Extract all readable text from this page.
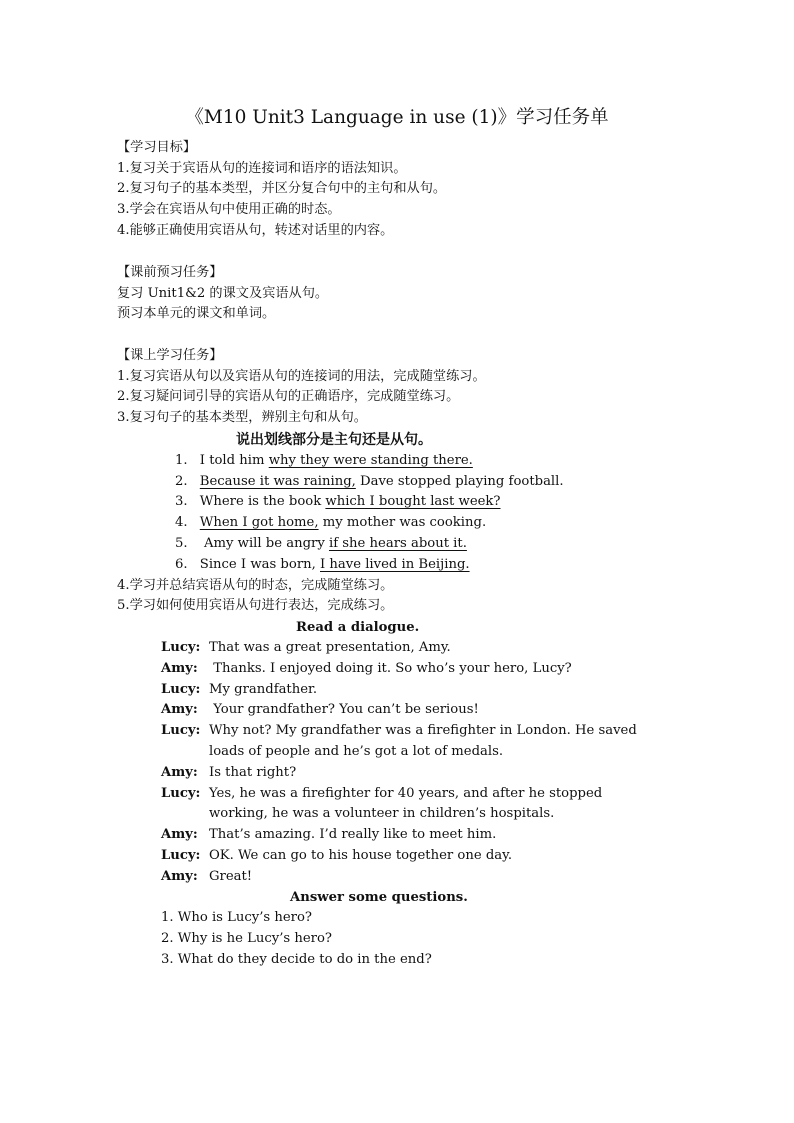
《M10 Unit3 Language in use (1)》学习任务单
【学习目标】
1.复习关于宾语从句的连接词和语序的语法知识。
2.复习句子的基本类型，并区分复合句中的主句和从句。
3.学会在宾语从句中使用正确的时态。
4.能够正确使用宾语从句，转述对话里的内容。
【课前预习任务】
复习 Unit1&2 的课文及宾语从句。
预习本单元的课文和单词。
【课上学习任务】
1.复习宾语从句以及宾语从句的连接词的用法，完成随堂练习。
2.复习疑问词引导的宾语从句的正确语序，完成随堂练习。
3.复习句子的基本类型，辨别主句和从句。
说出划线部分是主句还是从句。
1. I told him why they were standing there.
2. Because it was raining, Dave stopped playing football.
3. Where is the book which I bought last week?
4. When I got home, my mother was cooking.
5.  Amy will be angry if she hears about it.
6. Since I was born, I have lived in Beijing.
4.学习并总结宾语从句的时态，完成随堂练习。
5.学习如何使用宾语从句进行表达，完成练习。
Read a dialogue.
Lucy: That was a great presentation, Amy.
Amy: Thanks. I enjoyed doing it. So who’s your hero, Lucy?
Lucy: My grandfather.
Amy: Your grandfather? You can’t be serious!
Lucy: Why not? My grandfather was a firefighter in London. He saved
loads of people and he’s got a lot of medals.
Amy: Is that right?
Lucy: Yes, he was a firefighter for 40 years, and after he stopped
working, he was a volunteer in children’s hospitals.
Amy: That’s amazing. I’d really like to meet him.
Lucy: OK. We can go to his house together one day.
Amy: Great!
Answer some questions.
1. Who is Lucy’s hero?
2. Why is he Lucy’s hero?
3. What do they decide to do in the end?
